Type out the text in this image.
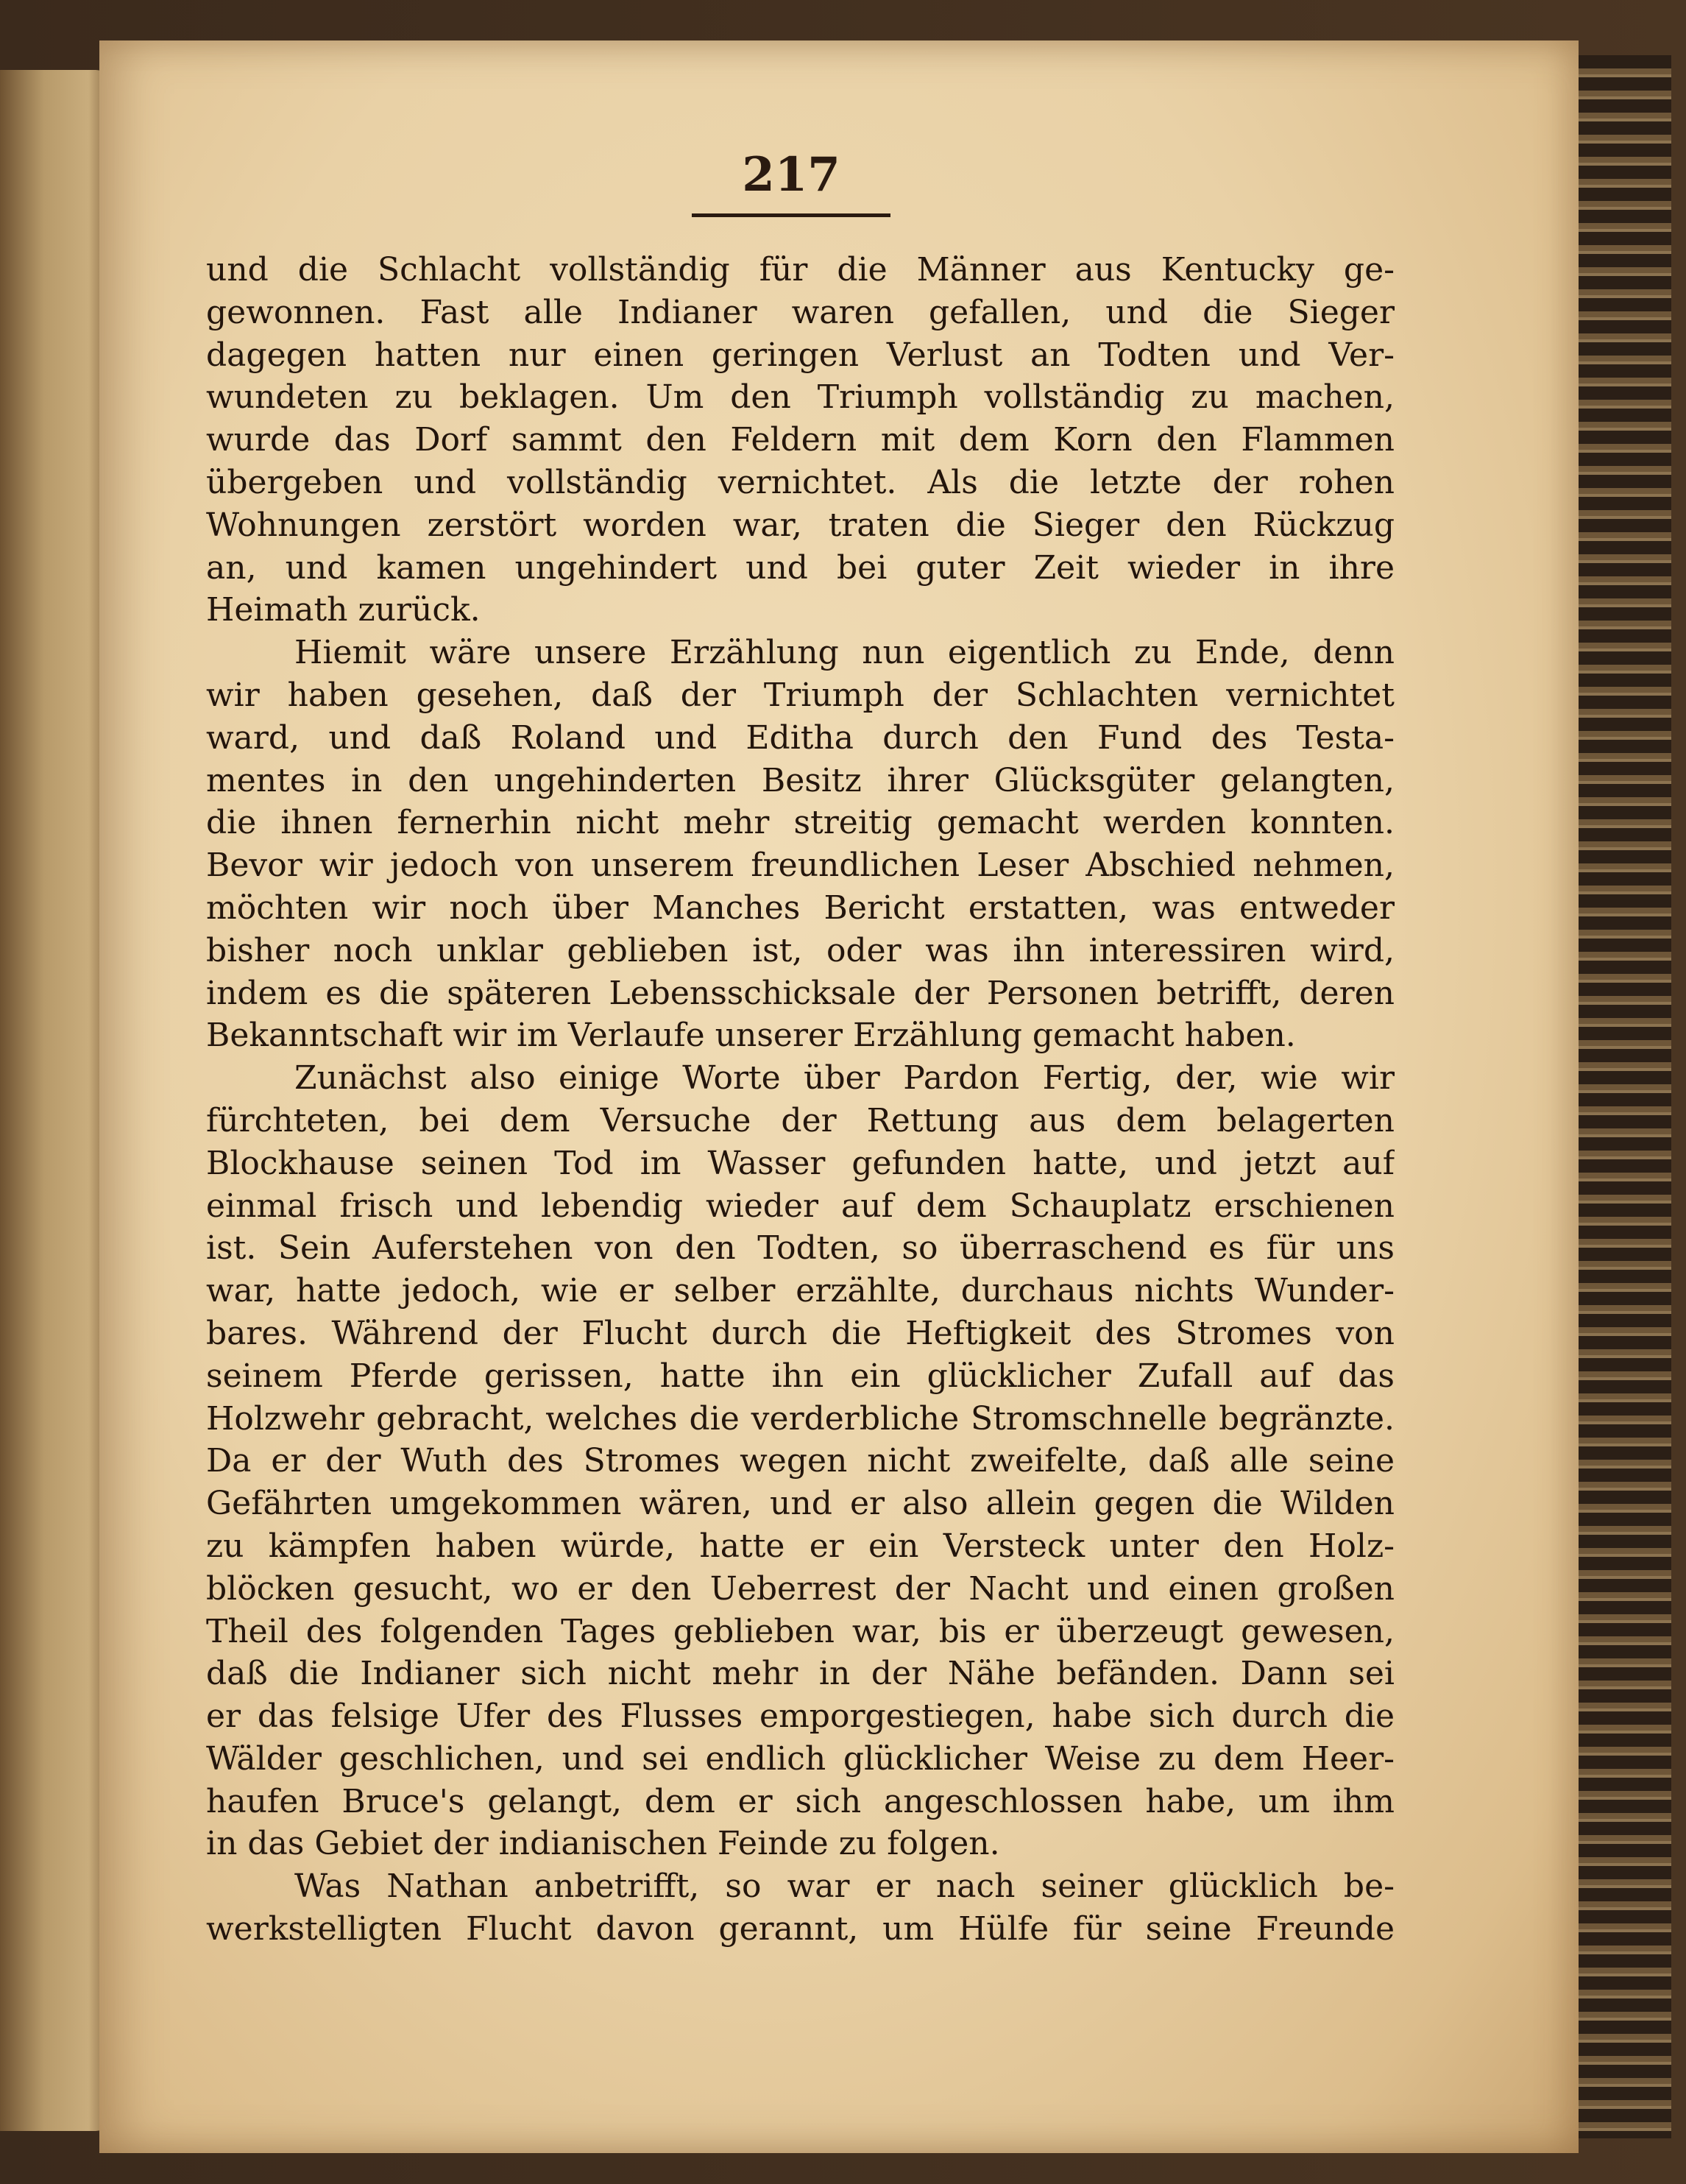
217
und die Schlacht vollständig für die Männer aus Kentucky ge-
gewonnen. Fast alle Indianer waren gefallen, und die Sieger
dagegen hatten nur einen geringen Verlust an Todten und Ver-
wundeten zu beklagen. Um den Triumph vollständig zu machen,
wurde das Dorf sammt den Feldern mit dem Korn den Flammen
übergeben und vollständig vernichtet. Als die letzte der rohen
Wohnungen zerstört worden war, traten die Sieger den Rückzug
an, und kamen ungehindert und bei guter Zeit wieder in ihre
Heimath zurück.
Hiemit wäre unsere Erzählung nun eigentlich zu Ende, denn
wir haben gesehen, daß der Triumph der Schlachten vernichtet
ward, und daß Roland und Editha durch den Fund des Testa-
mentes in den ungehinderten Besitz ihrer Glücksgüter gelangten,
die ihnen fernerhin nicht mehr streitig gemacht werden konnten.
Bevor wir jedoch von unserem freundlichen Leser Abschied nehmen,
möchten wir noch über Manches Bericht erstatten, was entweder
bisher noch unklar geblieben ist, oder was ihn interessiren wird,
indem es die späteren Lebensschicksale der Personen betrifft, deren
Bekanntschaft wir im Verlaufe unserer Erzählung gemacht haben.
Zunächst also einige Worte über Pardon Fertig, der, wie wir
fürchteten, bei dem Versuche der Rettung aus dem belagerten
Blockhause seinen Tod im Wasser gefunden hatte, und jetzt auf
einmal frisch und lebendig wieder auf dem Schauplatz erschienen
ist. Sein Auferstehen von den Todten, so überraschend es für uns
war, hatte jedoch, wie er selber erzählte, durchaus nichts Wunder-
bares. Während der Flucht durch die Heftigkeit des Stromes von
seinem Pferde gerissen, hatte ihn ein glücklicher Zufall auf das
Holzwehr gebracht, welches die verderbliche Stromschnelle begränzte.
Da er der Wuth des Stromes wegen nicht zweifelte, daß alle seine
Gefährten umgekommen wären, und er also allein gegen die Wilden
zu kämpfen haben würde, hatte er ein Versteck unter den Holz-
blöcken gesucht, wo er den Ueberrest der Nacht und einen großen
Theil des folgenden Tages geblieben war, bis er überzeugt gewesen,
daß die Indianer sich nicht mehr in der Nähe befänden. Dann sei
er das felsige Ufer des Flusses emporgestiegen, habe sich durch die
Wälder geschlichen, und sei endlich glücklicher Weise zu dem Heer-
haufen Bruce's gelangt, dem er sich angeschlossen habe, um ihm
in das Gebiet der indianischen Feinde zu folgen.
Was Nathan anbetrifft, so war er nach seiner glücklich be-
werkstelligten Flucht davon gerannt, um Hülfe für seine Freunde
